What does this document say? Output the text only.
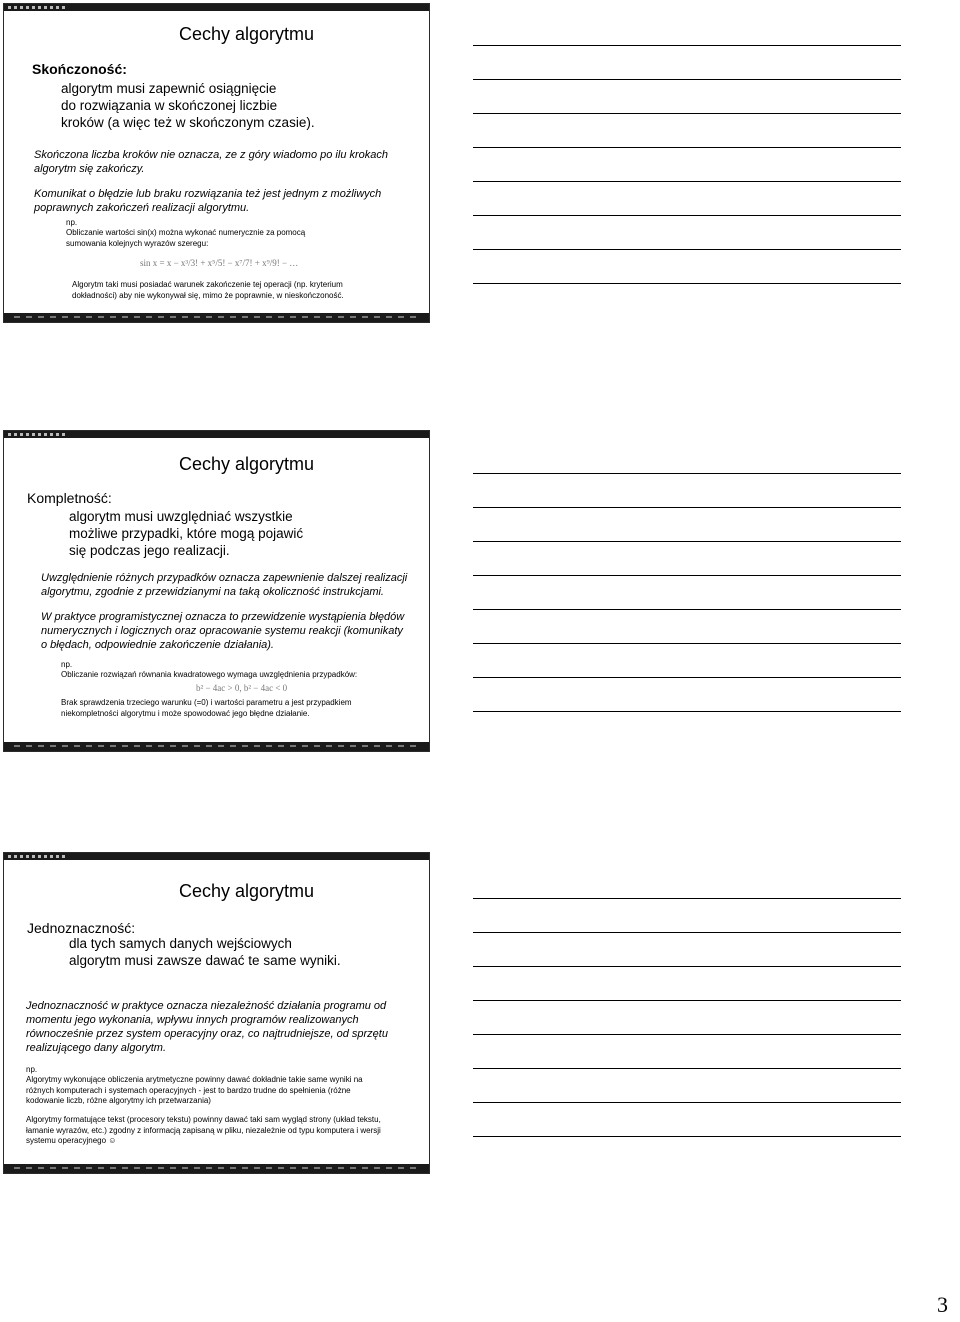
Cechy algorytmu
Skończoność:
algorytm musi zapewnić osiągnięcie
do rozwiązania w skończonej liczbie
kroków (a więc też w skończonym czasie).
Skończona liczba kroków nie oznacza, ze z góry wiadomo po ilu krokach
algorytm się zakończy.
Komunikat o błędzie lub braku rozwiązania też jest jednym z możliwych
poprawnych zakończeń realizacji algorytmu.
np.
Obliczanie wartości sin(x) można wykonać numerycznie za pomocą
sumowania kolejnych wyrazów szeregu:
sin x = x − x³/3! + x⁵/5! − x⁷/7! + x⁹/9! − …
Algorytm taki musi posiadać warunek zakończenie tej operacji (np. kryterium
dokładności) aby nie wykonywał się, mimo że poprawnie, w nieskończoność.
Cechy algorytmu
Kompletność:
algorytm musi uwzględniać wszystkie
możliwe przypadki, które mogą pojawić
się podczas jego realizacji.
Uwzględnienie różnych przypadków oznacza zapewnienie dalszej realizacji
algorytmu, zgodnie z przewidzianymi na taką okoliczność instrukcjami.
W praktyce programistycznej oznacza to przewidzenie wystąpienia błędów
numerycznych i logicznych oraz opracowanie systemu reakcji (komunikaty
o błędach, odpowiednie zakończenie działania).
np.
Obliczanie rozwiązań równania kwadratowego wymaga uwzględnienia przypadków:
b² − 4ac > 0, b² − 4ac < 0
Brak sprawdzenia trzeciego warunku (=0) i wartości parametru a jest przypadkiem
niekompletności algorytmu i może spowodować jego błędne działanie.
Cechy algorytmu
Jednoznaczność:
dla tych samych danych wejściowych
algorytm musi zawsze dawać te same wyniki.
Jednoznaczność w praktyce oznacza niezależność działania programu od
momentu jego wykonania, wpływu innych programów realizowanych
równocześnie przez system operacyjny oraz, co najtrudniejsze, od sprzętu
realizującego dany algorytm.
np.
Algorytmy wykonujące obliczenia arytmetyczne powinny dawać dokładnie takie same wyniki na
różnych komputerach i systemach operacyjnych - jest to bardzo trudne do spełnienia (różne
kodowanie liczb, różne algorytmy ich przetwarzania)
Algorytmy formatujące tekst (procesory tekstu) powinny dawać taki sam wygląd strony (układ tekstu,
łamanie wyrazów, etc.) zgodny z informacją zapisaną w pliku, niezależnie od typu komputera i wersji
systemu operacyjnego ☺
3
